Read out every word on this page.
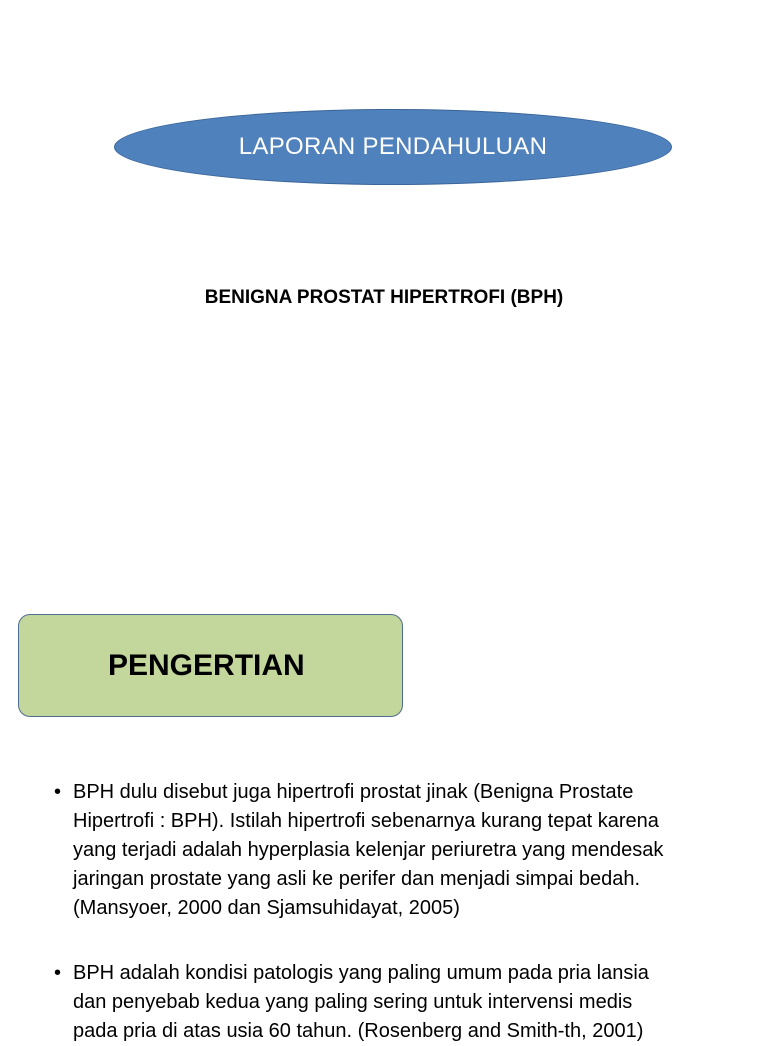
LAPORAN PENDAHULUAN
BENIGNA PROSTAT HIPERTROFI (BPH)
PENGERTIAN
• BPH dulu disebut juga hipertrofi prostat jinak (Benigna Prostate
Hipertrofi : BPH). Istilah hipertrofi sebenarnya kurang tepat karena
yang terjadi adalah hyperplasia kelenjar periuretra yang mendesak
jaringan prostate yang asli ke perifer dan menjadi simpai bedah.
(Mansyoer, 2000 dan Sjamsuhidayat, 2005)
• BPH adalah kondisi patologis yang paling umum pada pria lansia
dan penyebab kedua yang paling sering untuk intervensi medis
pada pria di atas usia 60 tahun. (Rosenberg and Smith-th, 2001)
